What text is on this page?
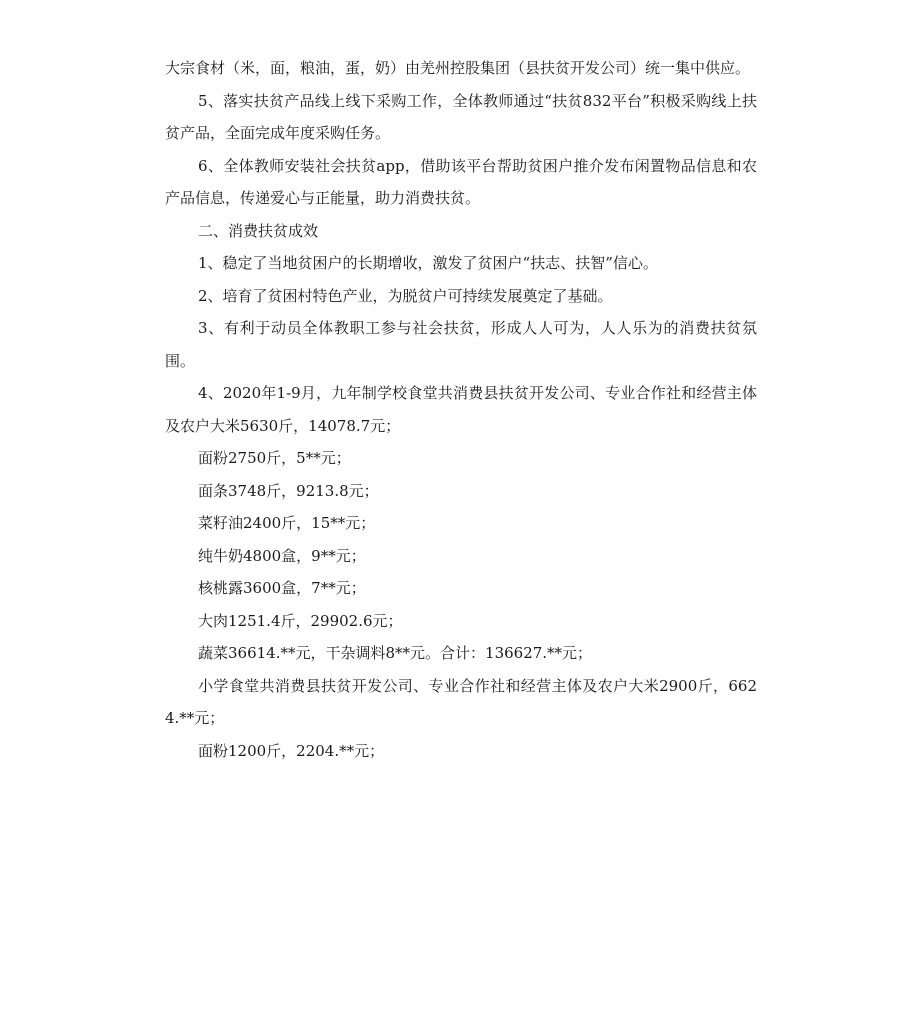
大宗食材（米，面，粮油，蛋，奶）由羌州控股集团（县扶贫开发公司）统一集中供应。

5、落实扶贫产品线上线下采购工作，全体教师通过“扶贫832平台”积极采购线上扶贫产品，全面完成年度采购任务。

6、全体教师安装社会扶贫app，借助该平台帮助贫困户推介发布闲置物品信息和农产品信息，传递爱心与正能量，助力消费扶贫。

二、消费扶贫成效

1、稳定了当地贫困户的长期增收，激发了贫困户“扶志、扶智”信心。

2、培育了贫困村特色产业，为脱贫户可持续发展奠定了基础。

3、有利于动员全体教职工参与社会扶贫，形成人人可为，人人乐为的消费扶贫氛围。

4、2020年1-9月，九年制学校食堂共消费县扶贫开发公司、专业合作社和经营主体及农户大米5630斤，14078.7元；

面粉2750斤，5**元；

面条3748斤，9213.8元；

菜籽油2400斤，15**元；

纯牛奶4800盒，9**元；

核桃露3600盒，7**元；

大肉1251.4斤，29902.6元；

蔬菜36614.**元，干杂调料8**元。合计：136627.**元；

小学食堂共消费县扶贫开发公司、专业合作社和经营主体及农户大米2900斤，6624.**元；

面粉1200斤，2204.**元；
